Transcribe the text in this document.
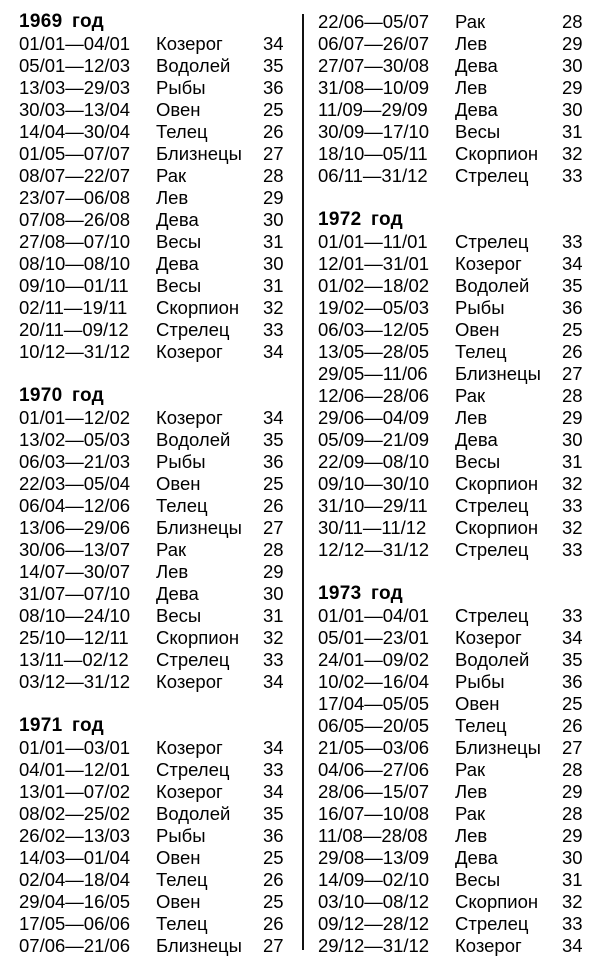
1969 год
01/01—04/01	Козерог	34
05/01—12/03	Водолей	35
13/03—29/03	Рыбы	36
30/03—13/04	Овен	25
14/04—30/04	Телец	26
01/05—07/07	Близнецы	27
08/07—22/07	Рак	28
23/07—06/08	Лев	29
07/08—26/08	Дева	30
27/08—07/10	Весы	31
08/10—08/10	Дева	30
09/10—01/11	Весы	31
02/11—19/11	Скорпион	32
20/11—09/12	Стрелец	33
10/12—31/12	Козерог	34
1970 год
01/01—12/02	Козерог	34
13/02—05/03	Водолей	35
06/03—21/03	Рыбы	36
22/03—05/04	Овен	25
06/04—12/06	Телец	26
13/06—29/06	Близнецы	27
30/06—13/07	Рак	28
14/07—30/07	Лев	29
31/07—07/10	Дева	30
08/10—24/10	Весы	31
25/10—12/11	Скорпион	32
13/11—02/12	Стрелец	33
03/12—31/12	Козерог	34
1971 год
01/01—03/01	Козерог	34
04/01—12/01	Стрелец	33
13/01—07/02	Козерог	34
08/02—25/02	Водолей	35
26/02—13/03	Рыбы	36
14/03—01/04	Овен	25
02/04—18/04	Телец	26
29/04—16/05	Овен	25
17/05—06/06	Телец	26
07/06—21/06	Близнецы	27
22/06—05/07	Рак	28
06/07—26/07	Лев	29
27/07—30/08	Дева	30
31/08—10/09	Лев	29
11/09—29/09	Дева	30
30/09—17/10	Весы	31
18/10—05/11	Скорпион	32
06/11—31/12	Стрелец	33
1972 год
01/01—11/01	Стрелец	33
12/01—31/01	Козерог	34
01/02—18/02	Водолей	35
19/02—05/03	Рыбы	36
06/03—12/05	Овен	25
13/05—28/05	Телец	26
29/05—11/06	Близнецы	27
12/06—28/06	Рак	28
29/06—04/09	Лев	29
05/09—21/09	Дева	30
22/09—08/10	Весы	31
09/10—30/10	Скорпион	32
31/10—29/11	Стрелец	33
30/11—11/12	Скорпион	32
12/12—31/12	Стрелец	33
1973 год
01/01—04/01	Стрелец	33
05/01—23/01	Козерог	34
24/01—09/02	Водолей	35
10/02—16/04	Рыбы	36
17/04—05/05	Овен	25
06/05—20/05	Телец	26
21/05—03/06	Близнецы	27
04/06—27/06	Рак	28
28/06—15/07	Лев	29
16/07—10/08	Рак	28
11/08—28/08	Лев	29
29/08—13/09	Дева	30
14/09—02/10	Весы	31
03/10—08/12	Скорпион	32
09/12—28/12	Стрелец	33
29/12—31/12	Козерог	34
